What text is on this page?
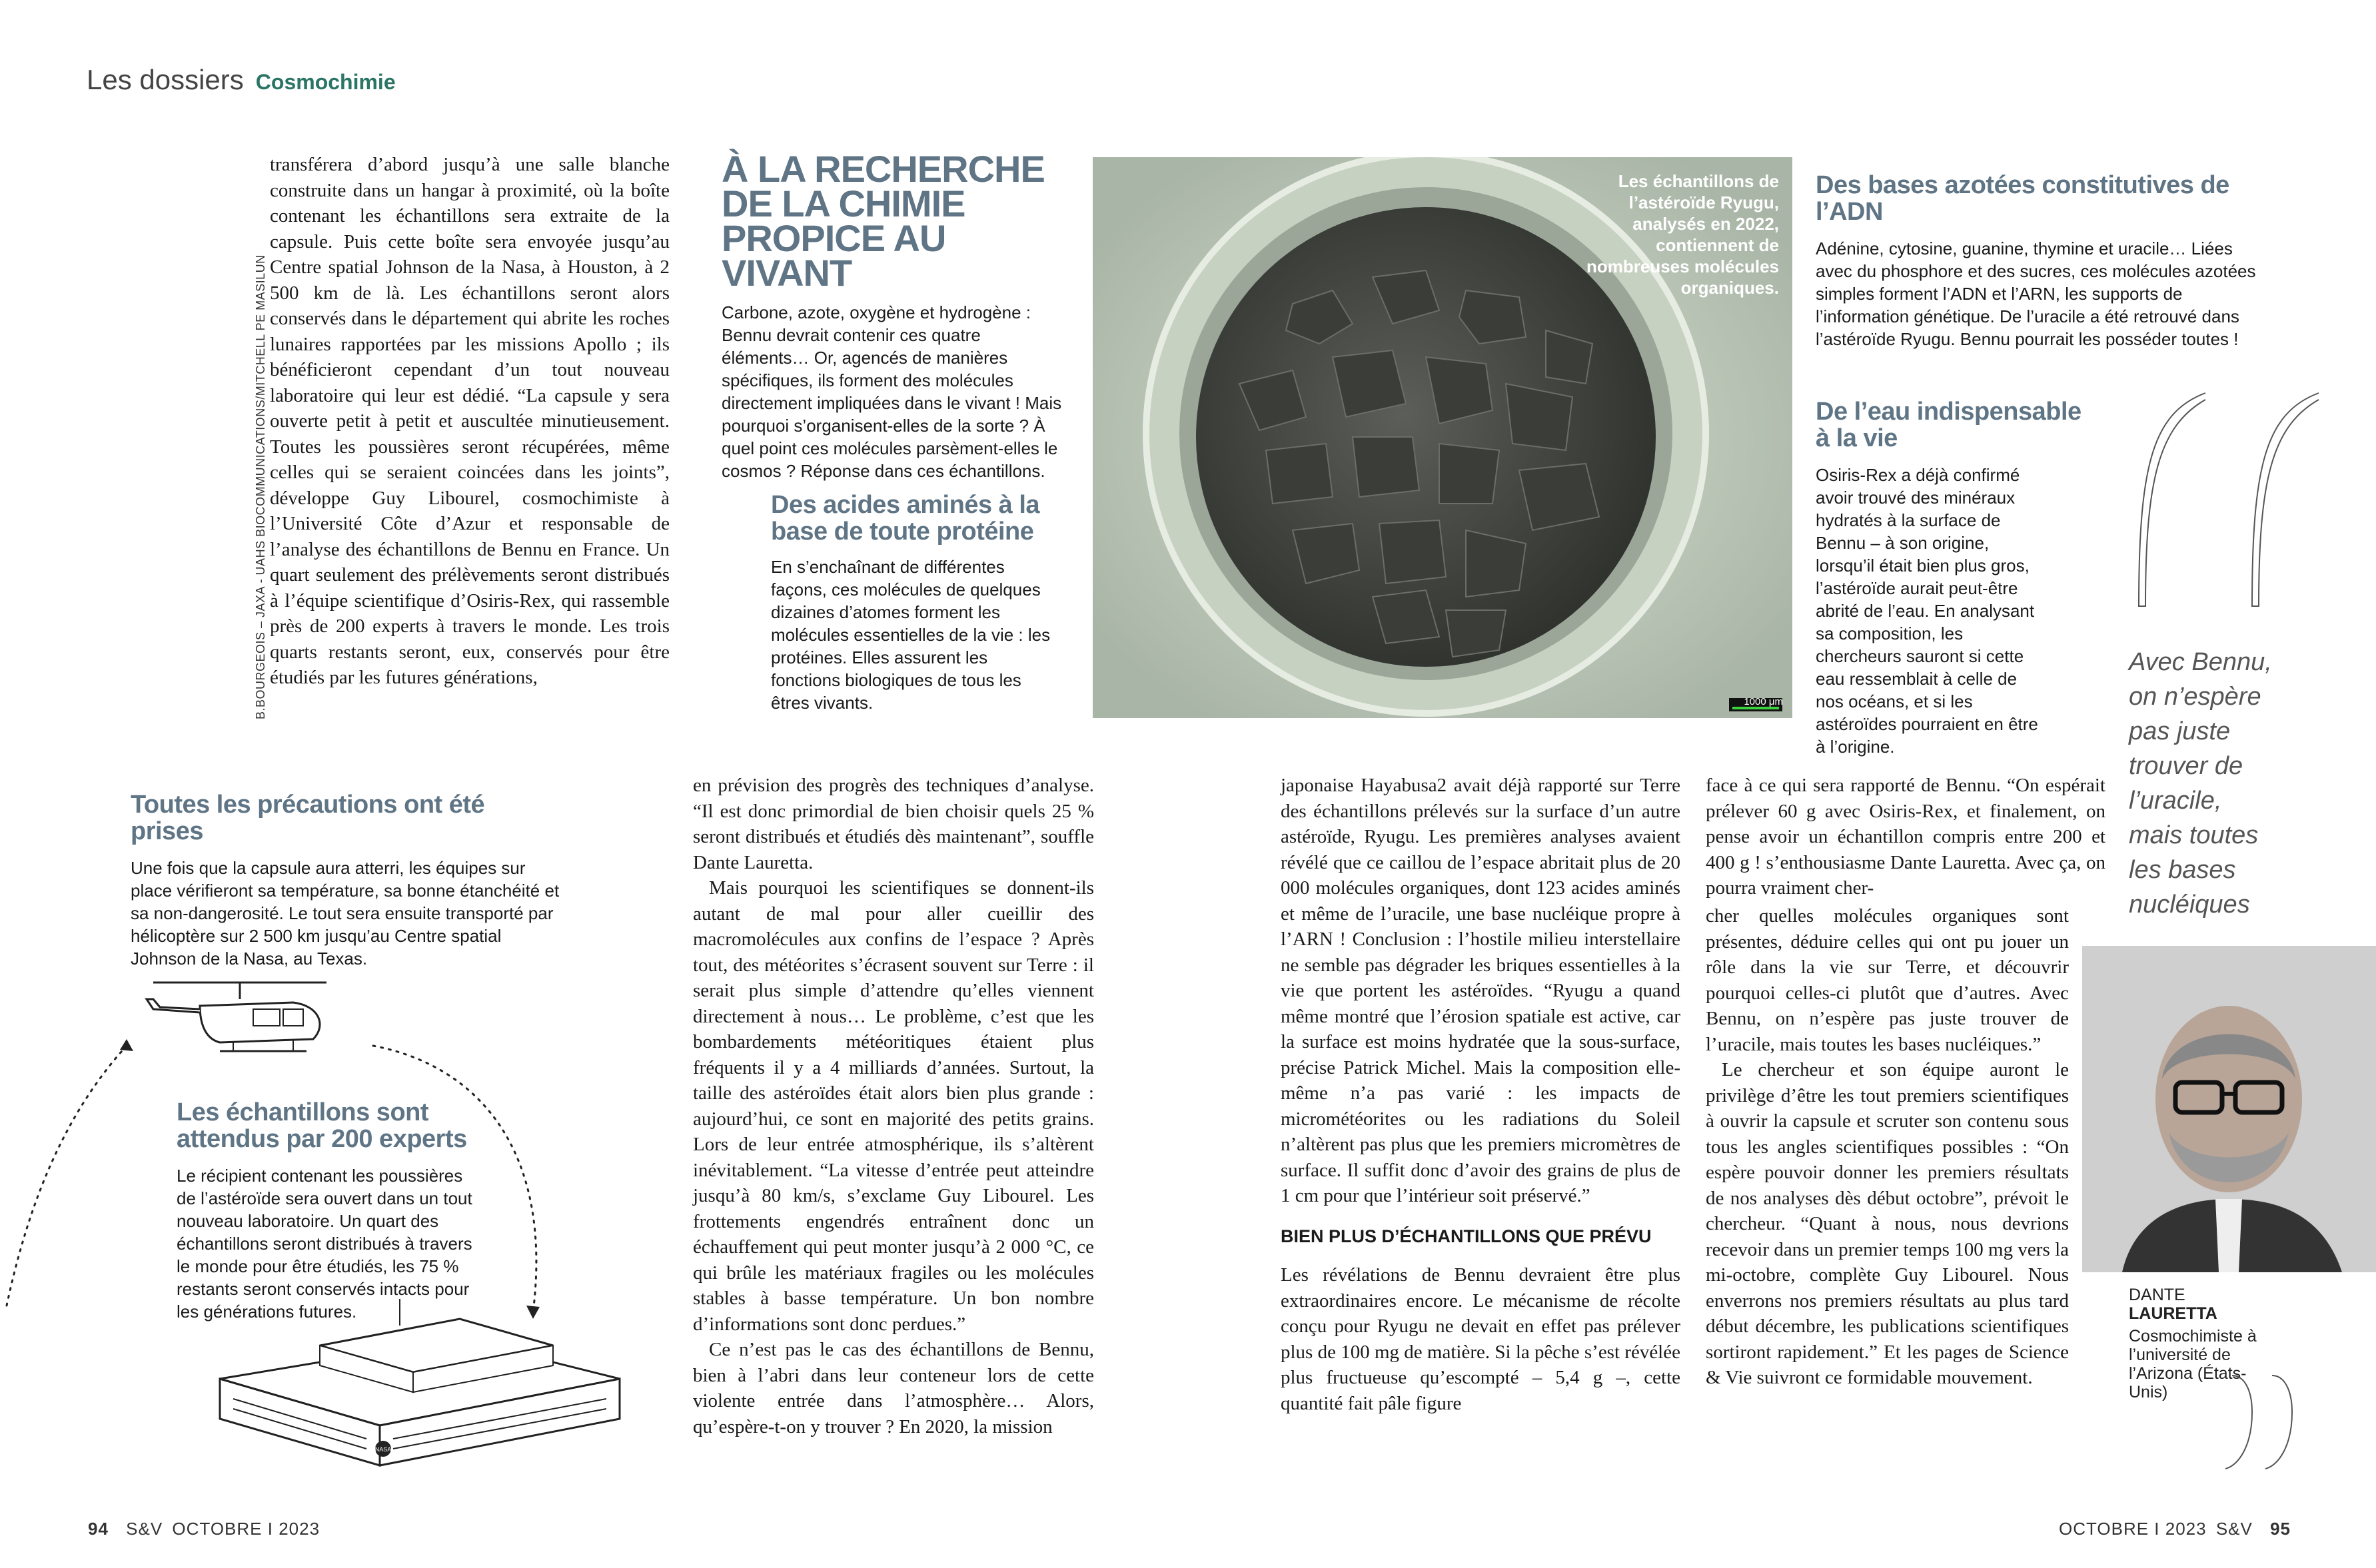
Les dossiers Cosmochimie
B.BOURGEOIS – JAXA - UAHS BIOCOMMUNICATIONS/MITCHELL PE MASILUN

transférera d’abord jusqu’à une salle blanche construite dans un hangar à proximité, où la boîte contenant les échantillons sera extraite de la capsule. Puis cette boîte sera envoyée jusqu’au Centre spatial Johnson de la Nasa, à Houston, à 2 500 km de là. Les échantillons seront alors conservés dans le département qui abrite les roches lunaires rapportées par les missions Apollo ; ils bénéficieront cependant d’un tout nouveau laboratoire qui leur est dédié. “La capsule y sera ouverte petit à petit et auscultée minutieusement. Toutes les poussières seront récupérées, même celles qui se seraient coincées dans les joints”, développe Guy Libourel, cosmochimiste à l’Université Côte d’Azur et responsable de l’analyse des échantillons de Bennu en France. Un quart seulement des prélèvements seront distribués à l’équipe scientifique d’Osiris-Rex, qui rassemble près de 200 experts à travers le monde. Les trois quarts restants seront, eux, conservés pour être étudiés par les futures générations,

À LA RECHERCHE DE LA CHIMIE PROPICE AU VIVANT
Carbone, azote, oxygène et hydrogène : Bennu devrait contenir ces quatre éléments… Or, agencés de manières spécifiques, ils forment des molécules directement impliquées dans le vivant ! Mais pourquoi s’organisent-elles de la sorte ? À quel point ces molécules parsèment-elles le cosmos ? Réponse dans ces échantillons.
Des acides aminés à la base de toute protéine
En s’enchaînant de différentes façons, ces molécules de quelques dizaines d’atomes forment les molécules essentielles de la vie : les protéines. Elles assurent les fonctions biologiques de tous les êtres vivants.	1000 μm
Les échantillons de l’astéroïde Ryugu, analysés en 2022, contiennent de nombreuses molécules organiques.
Des bases azotées constitutives de l’ADN
Adénine, cytosine, guanine, thymine et uracile… Liées avec du phosphore et des sucres, ces molécules azotées simples forment l’ADN et l’ARN, les supports de l’information génétique. De l’uracile a été retrouvé dans l’astéroïde Ryugu. Bennu pourrait les posséder toutes !
De l’eau indispensable à la vie
Osiris-Rex a déjà confirmé avoir trouvé des minéraux hydratés à la surface de Bennu – à son origine, lorsqu’il était bien plus gros, l’astéroïde aurait peut-être abrité de l’eau. En analysant sa composition, les chercheurs sauront si cette eau ressemblait à celle de nos océans, et si les astéroïdes pourraient en être à l’origine.
Avec Bennu, on n’espère pas juste trouver de l’uracile, mais toutes les bases nucléiques
Toutes les précautions ont été prises
Une fois que la capsule aura atterri, les équipes sur place vérifieront sa température, sa bonne étanchéité et sa non-dangerosité. Le tout sera ensuite transporté par hélicoptère sur 2 500 km jusqu’au Centre spatial Johnson de la Nasa, au Texas.
Les échantillons sont attendus par 200 experts
Le récipient contenant les poussières de l’astéroïde sera ouvert dans un tout nouveau laboratoire. Un quart des échantillons seront distribués à travers le monde pour être étudiés, les 75 % restants seront conservés intacts pour les générations futures.
NASA

en prévision des progrès des techniques d’analyse. “Il est donc primordial de bien choisir quels 25 % seront distribués et étudiés dès maintenant”, souffle Dante Lauretta.

Mais pourquoi les scientifiques se donnent-ils autant de mal pour aller cueillir des macromolécules aux confins de l’espace ? Après tout, des météorites s’écrasent souvent sur Terre : il serait plus simple d’attendre qu’elles viennent directement à nous… Le problème, c’est que les bombardements météoritiques étaient plus fréquents il y a 4 milliards d’années. Surtout, la taille des astéroïdes était alors bien plus grande : aujourd’hui, ce sont en majorité des petits grains. Lors de leur entrée atmosphérique, ils s’altèrent inévitablement. “La vitesse d’entrée peut atteindre jusqu’à 80 km/s, s’exclame Guy Libourel. Les frottements engendrés entraînent donc un échauffement qui peut monter jusqu’à 2 000 °C, ce qui brûle les matériaux fragiles ou les molécules stables à basse température. Un bon nombre d’informations sont donc perdues.”

Ce n’est pas le cas des échantillons de Bennu, bien à l’abri dans leur conteneur lors de cette violente entrée dans l’atmosphère… Alors, qu’espère-t-on y trouver ? En 2020, la mission

japonaise Hayabusa2 avait déjà rapporté sur Terre des échantillons prélevés sur la surface d’un autre astéroïde, Ryugu. Les premières analyses avaient révélé que ce caillou de l’espace abritait plus de 20 000 molécules organiques, dont 123 acides aminés et même de l’uracile, une base nucléique propre à l’ARN ! Conclusion : l’hostile milieu interstellaire ne semble pas dégrader les briques essentielles à la vie que portent les astéroïdes. “Ryugu a quand même montré que l’érosion spatiale est active, car la surface est moins hydratée que la sous-surface, précise Patrick Michel. Mais la composition elle-même n’a pas varié : les impacts de micrométéorites ou les radiations du Soleil n’altèrent pas plus que les premiers micromètres de surface. Il suffit donc d’avoir des grains de plus de 1 cm pour que l’intérieur soit préservé.”

BIEN PLUS D’ÉCHANTILLONS QUE PRÉVU

Les révélations de Bennu devraient être plus extraordinaires encore. Le mécanisme de récolte conçu pour Ryugu ne devait en effet pas prélever plus de 100 mg de matière. Si la pêche s’est révélée plus fructueuse qu’escompté – 5,4 g –, cette quantité fait pâle figure

face à ce qui sera rapporté de Bennu. “On espérait prélever 60 g avec Osiris-Rex, et finalement, on pense avoir un échantillon compris entre 200 et 400 g ! s’enthousiasme Dante Lauretta. Avec ça, on pourra vraiment cher-

cher quelles molécules organiques sont présentes, déduire celles qui ont pu jouer un rôle dans la vie sur Terre, et découvrir pourquoi celles-ci plutôt que d’autres. Avec Bennu, on n’espère pas juste trouver de l’uracile, mais toutes les bases nucléiques.”

Le chercheur et son équipe auront le privilège d’être les tout premiers scientifiques à ouvrir la capsule et scruter son contenu sous tous les angles scientifiques possibles : “On espère pouvoir donner les premiers résultats de nos analyses dès début octobre”, prévoit le chercheur. “Quant à nous, nous devrions recevoir dans un premier temps 100 mg vers la mi-octobre, complète Guy Libourel. Nous enverrons nos premiers résultats au plus tard début décembre, les publications scientifiques sortiront rapidement.” Et les pages de Science & Vie suivront ce formidable mouvement.

DANTE LAURETTA
Cosmochimiste à l’université de l’Arizona (États-Unis)
94 S&V OCTOBRE I 2023	OCTOBRE I 2023 S&V 95
